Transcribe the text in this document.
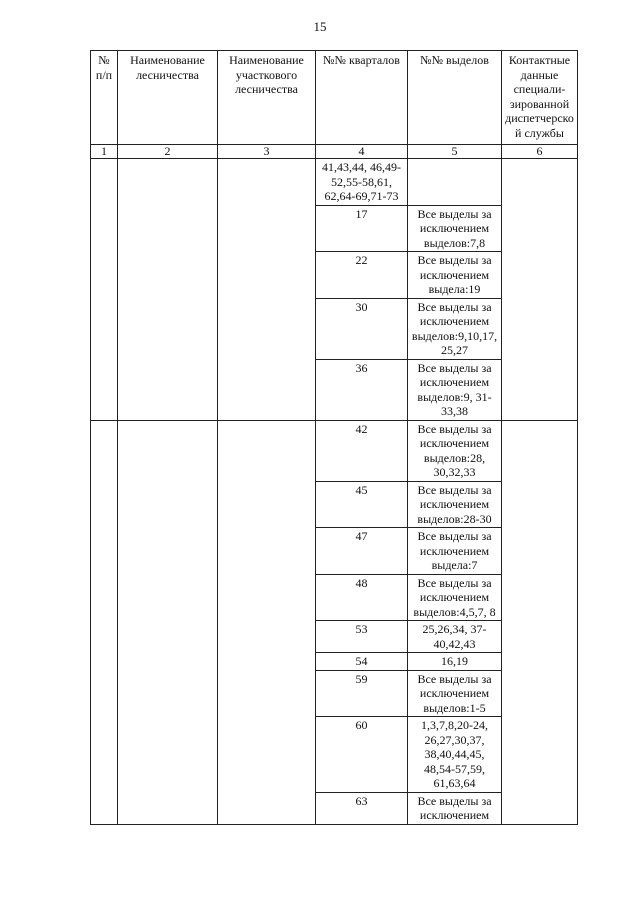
15
№ п/п	Наименование лесничества	Наименование участкового лесничества	№№ кварталов	№№ выделов	Контактные данные специали-зированной диспетчерской службы
1	2	3	4	5	6
			41,43,44, 46,49-52,55-58,61, 62,64-69,71-73		
			17	Все выделы за исключением выделов:7,8	
			22	Все выделы за исключением выдела:19	
			30	Все выделы за исключением выделов:9,10,17,25,27	
			36	Все выделы за исключением выделов:9, 31-33,38	
			42	Все выделы за исключением выделов:28, 30,32,33	
			45	Все выделы за исключением выделов:28-30	
			47	Все выделы за исключением выдела:7	
			48	Все выделы за исключением выделов:4,5,7, 8	
			53	25,26,34, 37-40,42,43	
			54	16,19	
			59	Все выделы за исключением выделов:1-5	
			60	1,3,7,8,20-24, 26,27,30,37, 38,40,44,45, 48,54-57,59, 61,63,64	
			63	Все выделы за исключением	
